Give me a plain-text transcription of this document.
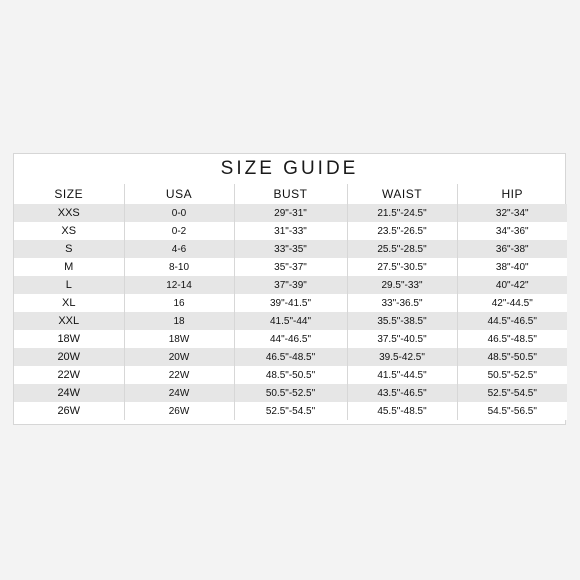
SIZE GUIDE
SIZE	USA	BUST	WAIST	HIP
XXS	0-0	29"-31"	21.5"-24.5"	32"-34"
XS	0-2	31"-33"	23.5"-26.5"	34"-36"
S	4-6	33"-35"	25.5"-28.5"	36"-38"
M	8-10	35"-37"	27.5"-30.5"	38"-40"
L	12-14	37"-39"	29.5"-33"	40"-42"
XL	16	39"-41.5"	33"-36.5"	42"-44.5"
XXL	18	41.5"-44"	35.5"-38.5"	44.5"-46.5"
18W	18W	44"-46.5"	37.5"-40.5"	46.5"-48.5"
20W	20W	46.5"-48.5"	39.5-42.5"	48.5"-50.5"
22W	22W	48.5"-50.5"	41.5"-44.5"	50.5"-52.5"
24W	24W	50.5"-52.5"	43.5"-46.5"	52.5"-54.5"
26W	26W	52.5"-54.5"	45.5"-48.5"	54.5"-56.5"
